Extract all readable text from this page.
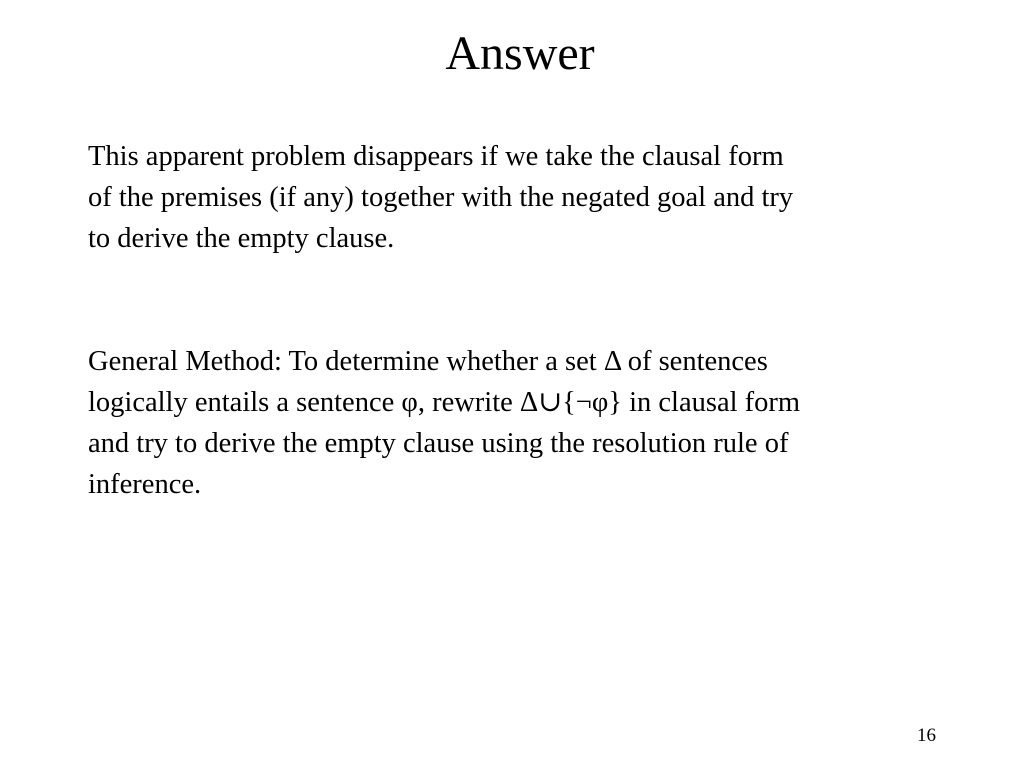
Answer

This apparent problem disappears if we take the clausal form
of the premises (if any) together with the negated goal and try
to derive the empty clause.

General Method: To determine whether a set Δ of sentences
logically entails a sentence φ, rewrite Δ∪{¬φ} in clausal form
and try to derive the empty clause using the resolution rule of
inference.

16
